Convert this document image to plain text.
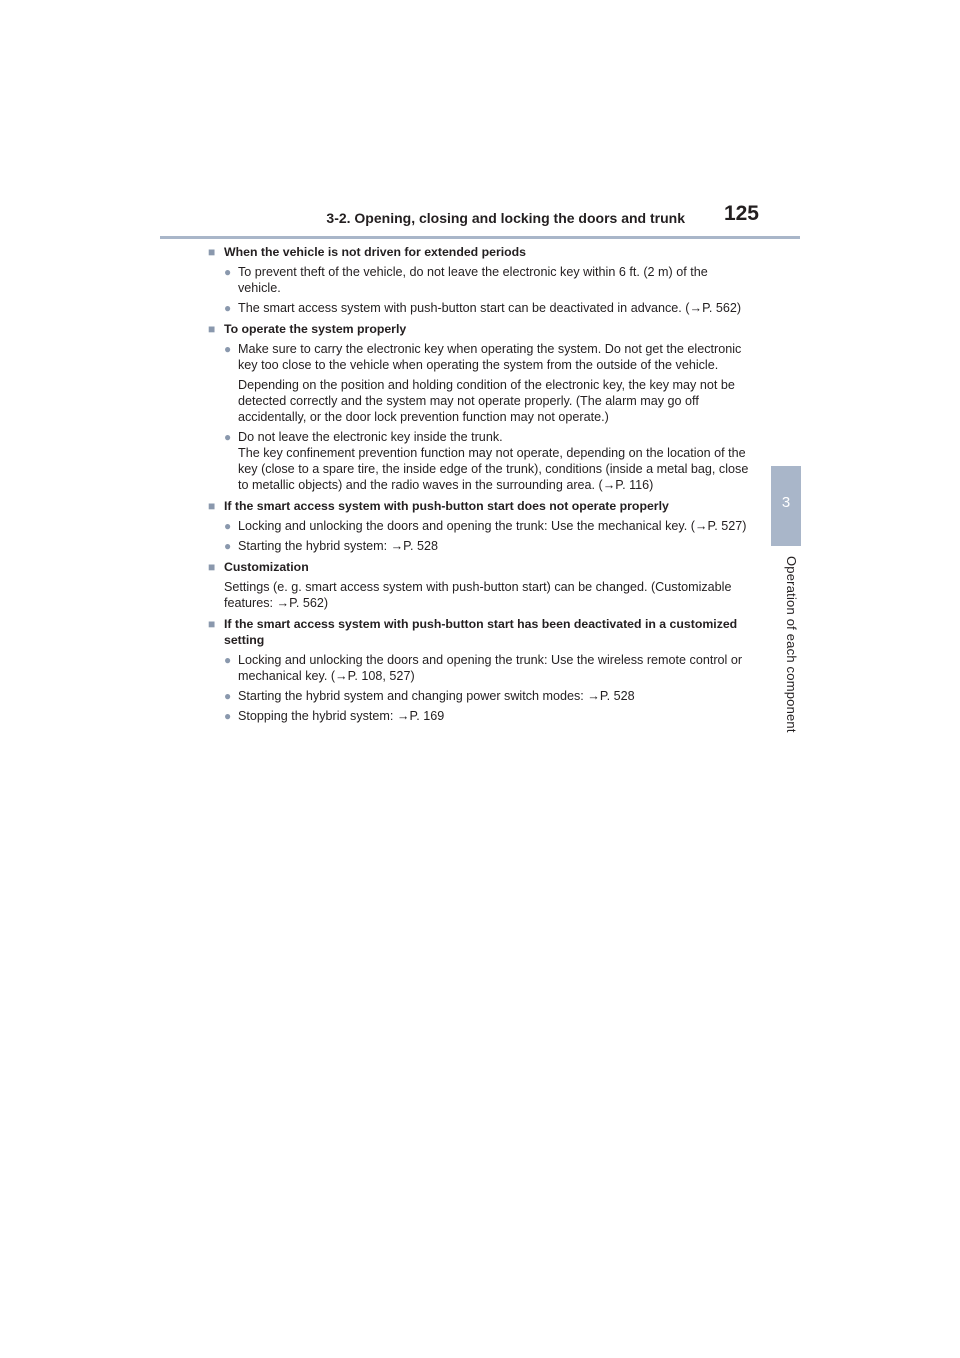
3-2. Opening, closing and locking the doors and trunk 125
3
Operation of each component
■ When the vehicle is not driven for extended periods
● To prevent theft of the vehicle, do not leave the electronic key within 6 ft. (2 m) of the vehicle.
● The smart access system with push-button start can be deactivated in advance. (→P. 562)
■ To operate the system properly
● Make sure to carry the electronic key when operating the system. Do not get the electronic key too close to the vehicle when operating the system from the outside of the vehicle.
Depending on the position and holding condition of the electronic key, the key may not be detected correctly and the system may not operate properly. (The alarm may go off accidentally, or the door lock prevention function may not operate.)
● Do not leave the electronic key inside the trunk.
The key confinement prevention function may not operate, depending on the location of the key (close to a spare tire, the inside edge of the trunk), conditions (inside a metal bag, close to metallic objects) and the radio waves in the surrounding area. (→P. 116)
■ If the smart access system with push-button start does not operate properly
● Locking and unlocking the doors and opening the trunk: Use the mechanical key. (→P. 527)
● Starting the hybrid system: →P. 528
■ Customization
Settings (e. g. smart access system with push-button start) can be changed. (Customizable features: →P. 562)
■ If the smart access system with push-button start has been deactivated in a customized setting
● Locking and unlocking the doors and opening the trunk: Use the wireless remote control or mechanical key. (→P. 108, 527)
● Starting the hybrid system and changing power switch modes: →P. 528
● Stopping the hybrid system: →P. 169
